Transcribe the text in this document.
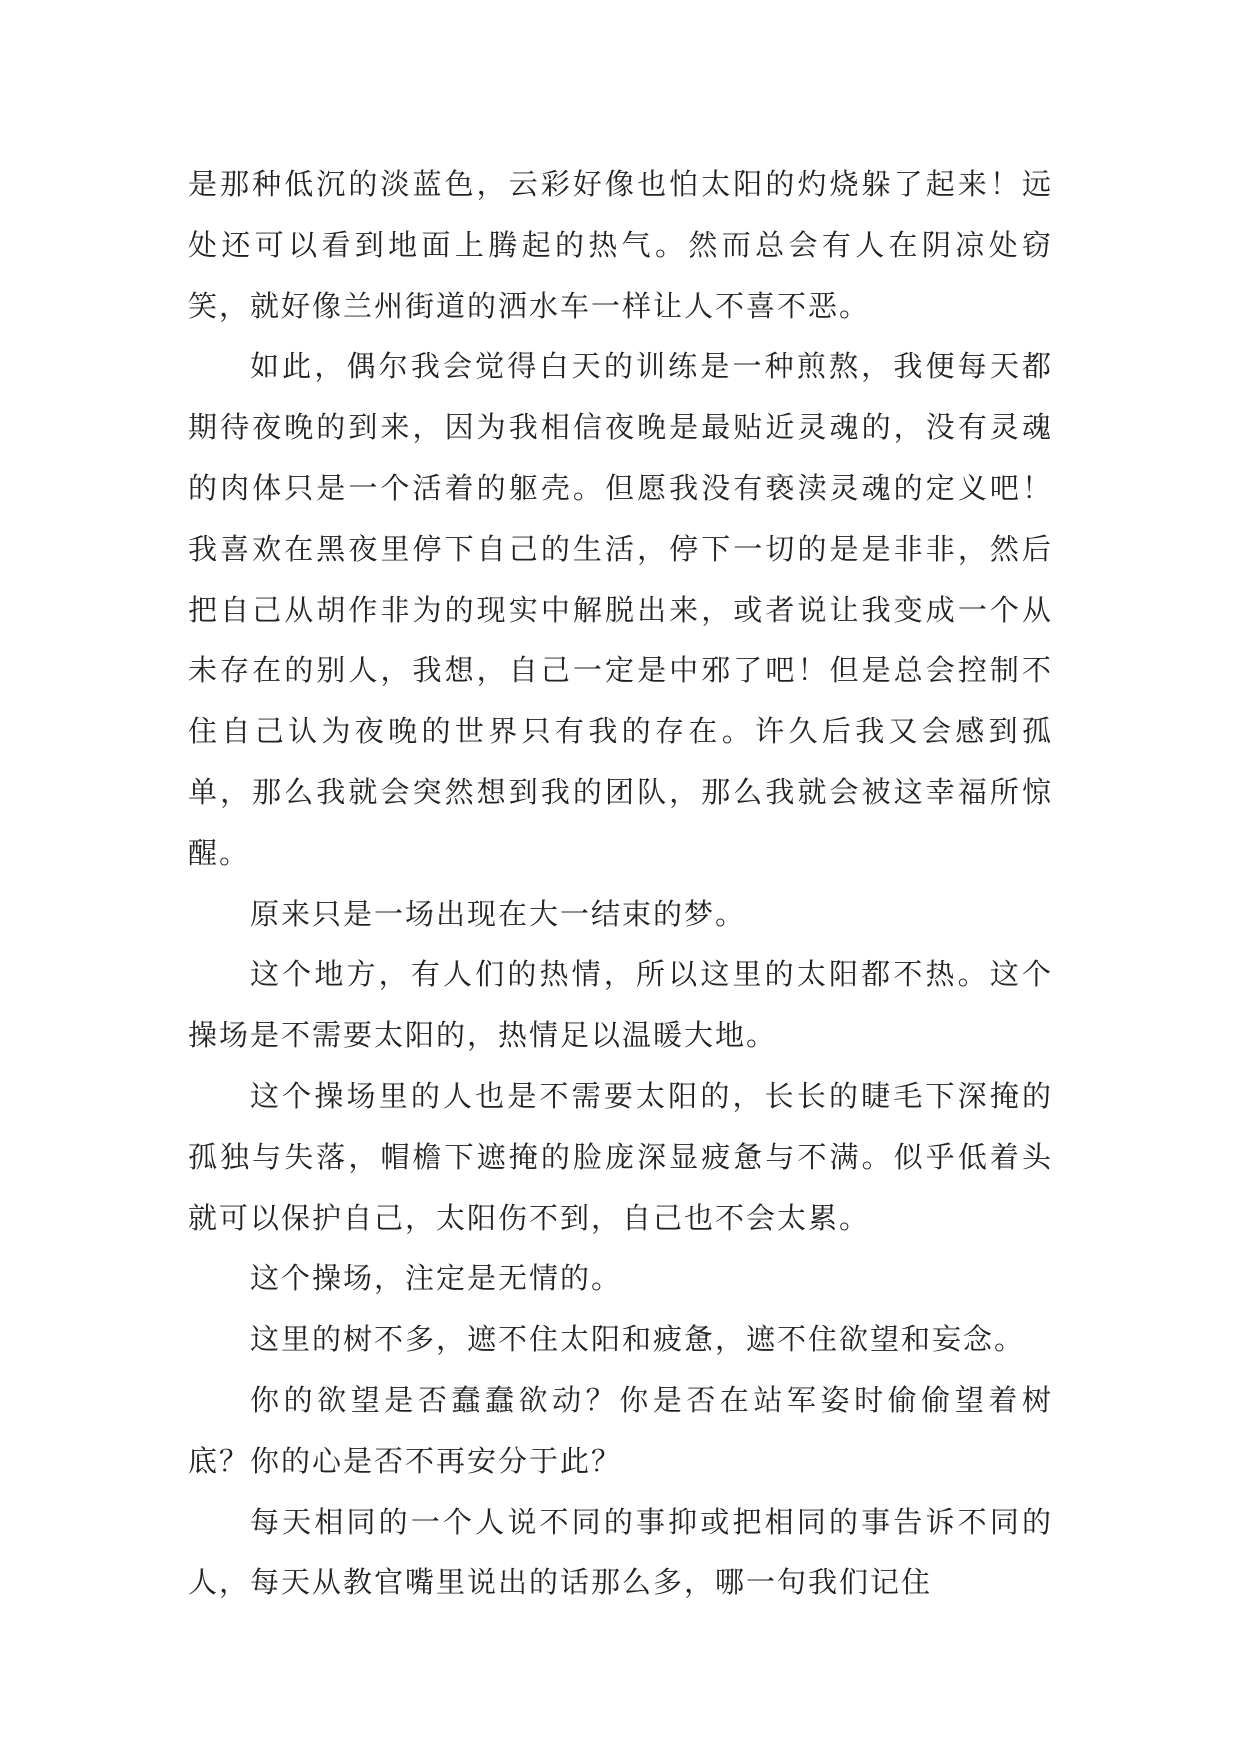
是那种低沉的淡蓝色，云彩好像也怕太阳的灼烧躲了起来！远处还可以看到地面上腾起的热气。然而总会有人在阴凉处窃笑，就好像兰州街道的洒水车一样让人不喜不恶。

如此，偶尔我会觉得白天的训练是一种煎熬，我便每天都期待夜晚的到来，因为我相信夜晚是最贴近灵魂的，没有灵魂的肉体只是一个活着的躯壳。但愿我没有亵渎灵魂的定义吧！我喜欢在黑夜里停下自己的生活，停下一切的是是非非，然后把自己从胡作非为的现实中解脱出来，或者说让我变成一个从未存在的别人，我想，自己一定是中邪了吧！但是总会控制不住自己认为夜晚的世界只有我的存在。许久后我又会感到孤单，那么我就会突然想到我的团队，那么我就会被这幸福所惊醒。

原来只是一场出现在大一结束的梦。

这个地方，有人们的热情，所以这里的太阳都不热。这个操场是不需要太阳的，热情足以温暖大地。

这个操场里的人也是不需要太阳的，长长的睫毛下深掩的孤独与失落，帽檐下遮掩的脸庞深显疲惫与不满。似乎低着头就可以保护自己，太阳伤不到，自己也不会太累。

这个操场，注定是无情的。

这里的树不多，遮不住太阳和疲惫，遮不住欲望和妄念。

你的欲望是否蠢蠢欲动？你是否在站军姿时偷偷望着树底？你的心是否不再安分于此？

每天相同的一个人说不同的事抑或把相同的事告诉不同的人，每天从教官嘴里说出的话那么多，哪一句我们记住
